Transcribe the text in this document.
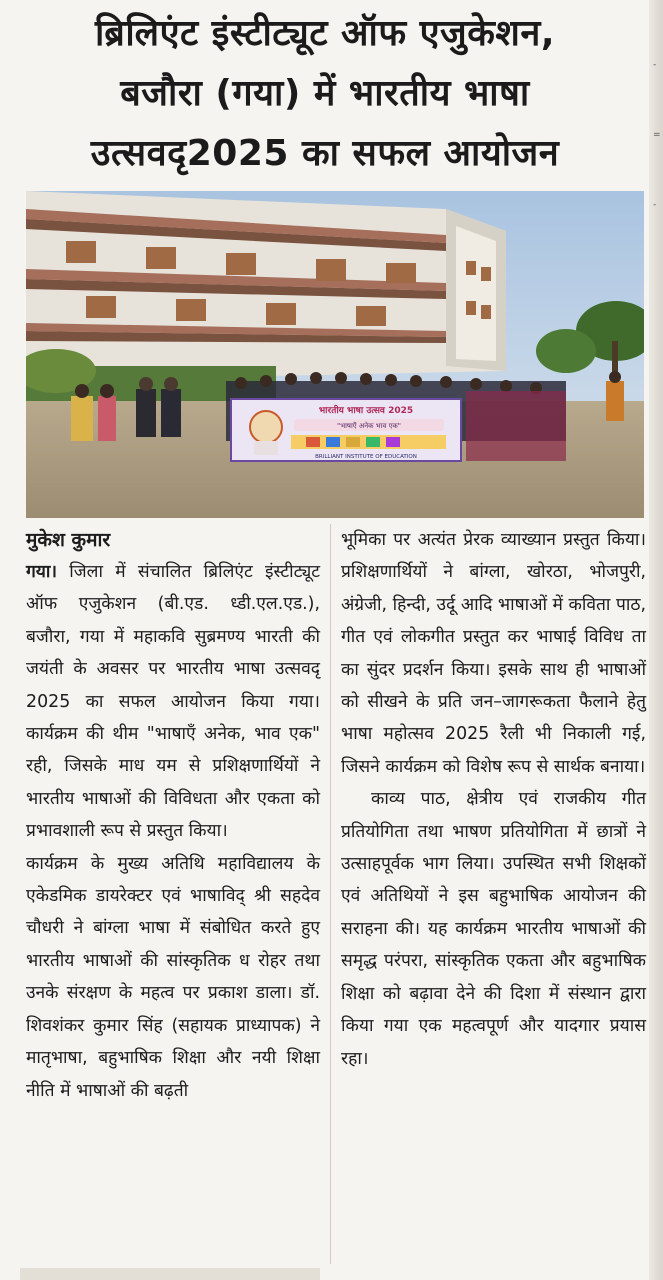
-
=
-
ब्रिलिएंट इंस्टीट्यूट ऑफ एजुकेशन,
बजौरा (गया) में भारतीय भाषा
उत्सवदृ2025 का सफल आयोजन
भारतीय भाषा उत्सव 2025
"भाषाएँ अनेक भाव एक"
BRILLIANT INSTITUTE OF EDUCATION
मुकेश कुमार

गया। जिला में संचालित ब्रिलिएंट इंस्टीट्यूट ऑफ एजुकेशन (बी.एड. ध्डी.एल.एड.), बजौरा, गया में महाकवि सुब्रमण्य भारती की जयंती के अवसर पर भारतीय भाषा उत्सवदृ 2025 का सफल आयोजन किया गया। कार्यक्रम की थीम "भाषाएँ अनेक, भाव एक" रही, जिसके माध यम से प्रशिक्षणार्थियों ने भारतीय भाषाओं की विविधता और एकता को प्रभावशाली रूप से प्रस्तुत किया।

कार्यक्रम के मुख्य अतिथि महाविद्यालय के एकेडमिक डायरेक्टर एवं भाषाविद् श्री सहदेव चौधरी ने बांग्ला भाषा में संबोधित करते हुए भारतीय भाषाओं की सांस्कृतिक ध रोहर तथा उनके संरक्षण के महत्व पर प्रकाश डाला। डॉ. शिवशंकर कुमार सिंह (सहायक प्राध्यापक) ने मातृभाषा, बहुभाषिक शिक्षा और नयी शिक्षा नीति में भाषाओं की बढ़ती

भूमिका पर अत्यंत प्रेरक व्याख्यान प्रस्तुत किया।प्रशिक्षणार्थियों ने बांग्ला, खोरठा, भोजपुरी, अंग्रेजी, हिन्दी, उर्दू आदि भाषाओं में कविता पाठ, गीत एवं लोकगीत प्रस्तुत कर भाषाई विविध ता का सुंदर प्रदर्शन किया। इसके साथ ही भाषाओं को सीखने के प्रति जन–जागरूकता फैलाने हेतु भाषा महोत्सव 2025 रैली भी निकाली गई, जिसने कार्यक्रम को विशेष रूप से सार्थक बनाया।

काव्य पाठ, क्षेत्रीय एवं राजकीय गीत प्रतियोगिता तथा भाषण प्रतियोगिता में छात्रों ने उत्साहपूर्वक भाग लिया। उपस्थित सभी शिक्षकों एवं अतिथियों ने इस बहुभाषिक आयोजन की सराहना की। यह कार्यक्रम भारतीय भाषाओं की समृद्ध परंपरा, सांस्कृतिक एकता और बहुभाषिक शिक्षा को बढ़ावा देने की दिशा में संस्थान द्वारा किया गया एक महत्वपूर्ण और यादगार प्रयास रहा।
